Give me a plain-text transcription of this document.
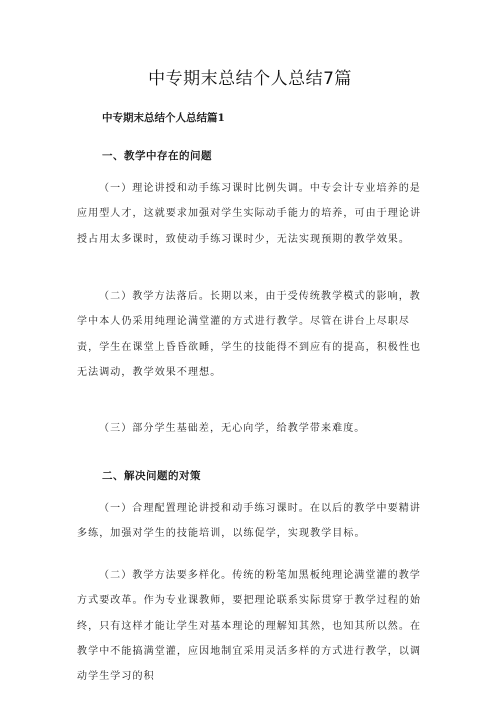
中专期末总结个人总结7篇

中专期末总结个人总结篇1

一、教学中存在的问题

（一）理论讲授和动手练习课时比例失调。中专会计专业培养的是应用型人才，这就要求加强对学生实际动手能力的培养，可由于理论讲授占用太多课时，致使动手练习课时少，无法实现预期的教学效果。

（二）教学方法落后。长期以来，由于受传统教学模式的影响，教学中本人仍采用纯理论满堂灌的方式进行教学。尽管在讲台上尽职尽责，学生在课堂上昏昏欲睡，学生的技能得不到应有的提高，积极性也无法调动，教学效果不理想。

（三）部分学生基础差，无心向学，给教学带来难度。

二、解决问题的对策

（一）合理配置理论讲授和动手练习课时。在以后的教学中要精讲多练，加强对学生的技能培训，以练促学，实现教学目标。

（二）教学方法要多样化。传统的粉笔加黑板纯理论满堂灌的教学方式要改革。作为专业课教师，要把理论联系实际贯穿于教学过程的始终，只有这样才能让学生对基本理论的理解知其然，也知其所以然。在教学中不能搞满堂灌，应因地制宜采用灵活多样的方式进行教学，以调动学生学习的积
